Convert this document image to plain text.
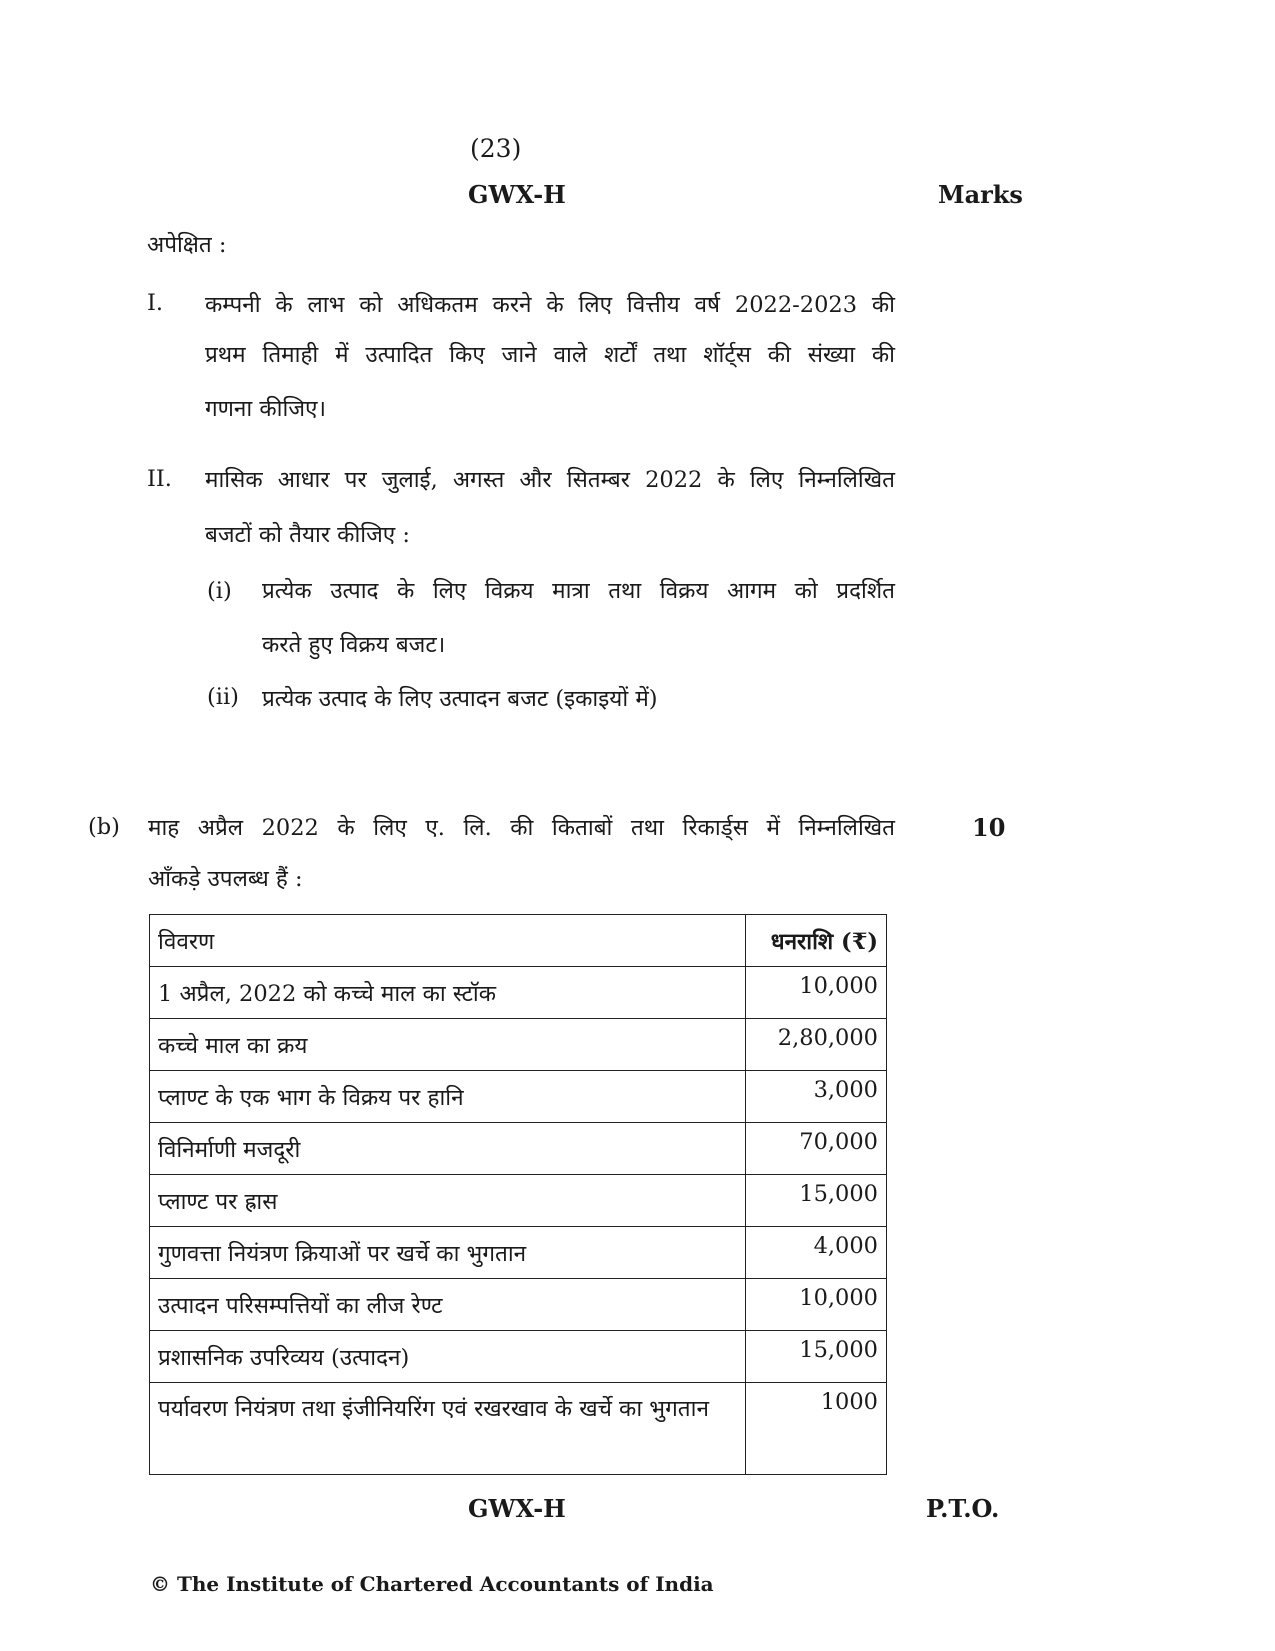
(23)
GWX-H	Marks
अपेक्षित :
I. कम्पनी के लाभ को अधिकतम करने के लिए वित्तीय वर्ष 2022-2023 की
प्रथम तिमाही में उत्पादित किए जाने वाले शर्टों तथा शॉर्ट्स की संख्या की
गणना कीजिए।
II. मासिक आधार पर जुलाई, अगस्त और सितम्बर 2022 के लिए निम्नलिखित
बजटों को तैयार कीजिए :
(i) प्रत्येक उत्पाद के लिए विक्रय मात्रा तथा विक्रय आगम को प्रदर्शित
करते हुए विक्रय बजट।
(ii) प्रत्येक उत्पाद के लिए उत्पादन बजट (इकाइयों में)
(b) माह अप्रैल 2022 के लिए ए. लि. की किताबों तथा रिकार्ड्स में निम्नलिखित
आँकड़े उपलब्ध हैं :
10
विवरण	धनराशि (₹)
1 अप्रैल, 2022 को कच्चे माल का स्टॉक	10,000
कच्चे माल का क्रय	2,80,000
प्लाण्ट के एक भाग के विक्रय पर हानि	3,000
विनिर्माणी मजदूरी	70,000
प्लाण्ट पर ह्रास	15,000
गुणवत्ता नियंत्रण क्रियाओं पर खर्चे का भुगतान	4,000
उत्पादन परिसम्पत्तियों का लीज रेण्ट	10,000
प्रशासनिक उपरिव्यय (उत्पादन)	15,000
पर्यावरण नियंत्रण तथा इंजीनियरिंग एवं रखरखाव के खर्चे का भुगतान	1000
GWX-H	P.T.O.
© The Institute of Chartered Accountants of India
